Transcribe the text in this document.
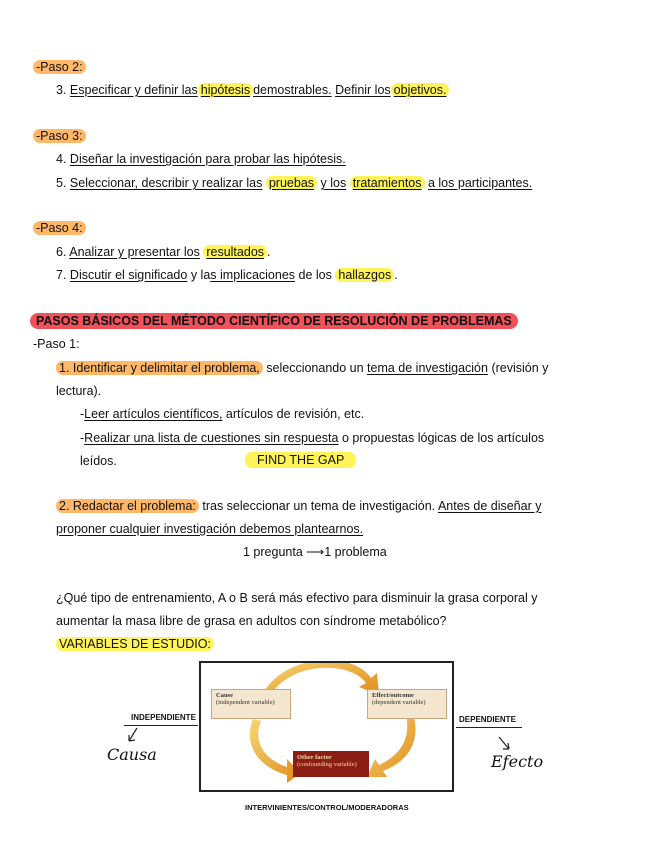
-Paso 2:
3. Especificar y definir las hipótesis demostrables. Definir los objetivos.
-Paso 3:
4. Diseñar la investigación para probar las hipótesis.
5. Seleccionar, describir y realizar las pruebas y los tratamientos a los participantes.
-Paso 4:
6. Analizar y presentar los resultados .
7. Discutir el significado y las implicaciones de los hallazgos .
PASOS BÁSICOS DEL MÉTODO CIENTÍFICO DE RESOLUCIÓN DE PROBLEMAS
-Paso 1:
1. Identificar y delimitar el problema, seleccionando un tema de investigación (revisión y
lectura).
-Leer artículos científicos, artículos de revisión, etc.
-Realizar una lista de cuestiones sin respuesta o propuestas lógicas de los artículos
leídos.	FIND THE GAP
2. Redactar el problema: tras seleccionar un tema de investigación. Antes de diseñar y
proponer cualquier investigación debemos plantearnos.
1 pregunta ⟶1 problema
¿Qué tipo de entrenamiento, A o B será más efectivo para disminuir la grasa corporal y
aumentar la masa libre de grasa en adultos con síndrome metabólico?
VARIABLES DE ESTUDIO:
Cause
(independent variable)
Effect/outcome
(dependent variable)
Other factor
(confounding variable)
INDEPENDIENTE	DEPENDIENTE
Causa	Efecto
INTERVINIENTES/CONTROL/MODERADORAS
